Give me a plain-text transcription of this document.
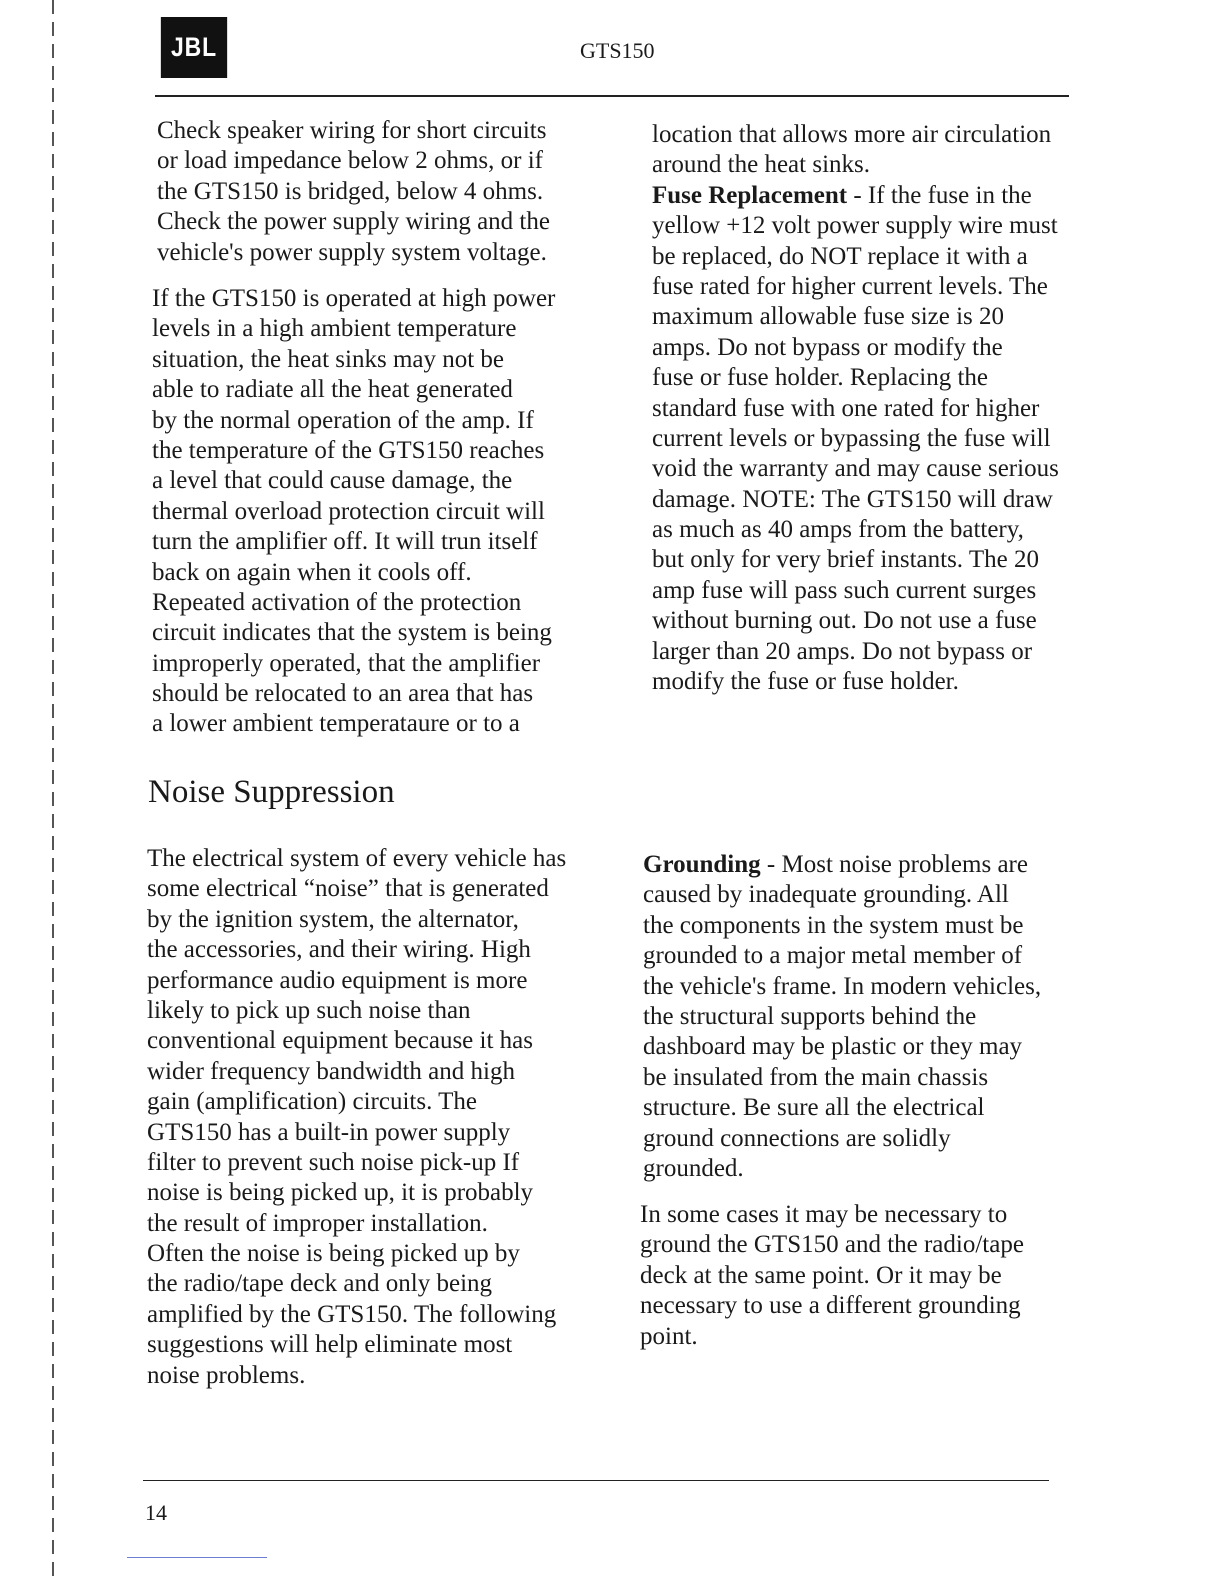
JBL	GTS150
Check speaker wiring for short circuits
or load impedance below 2 ohms, or if
the GTS150 is bridged, below 4 ohms.
Check the power supply wiring and the
vehicle's power supply system voltage.
If the GTS150 is operated at high power
levels in a high ambient temperature
situation, the heat sinks may not be
able to radiate all the heat generated
by the normal operation of the amp. If
the temperature of the GTS150 reaches
a level that could cause damage, the
thermal overload protection circuit will
turn the amplifier off. It will trun itself
back on again when it cools off.
Repeated activation of the protection
circuit indicates that the system is being
improperly operated, that the amplifier
should be relocated to an area that has
a lower ambient temperataure or to a
location that allows more air circulation
around the heat sinks.
Fuse Replacement - If the fuse in the
yellow +12 volt power supply wire must
be replaced, do NOT replace it with a
fuse rated for higher current levels. The
maximum allowable fuse size is 20
amps. Do not bypass or modify the
fuse or fuse holder. Replacing the
standard fuse with one rated for higher
current levels or bypassing the fuse will
void the warranty and may cause serious
damage. NOTE: The GTS150 will draw
as much as 40 amps from the battery,
but only for very brief instants. The 20
amp fuse will pass such current surges
without burning out. Do not use a fuse
larger than 20 amps. Do not bypass or
modify the fuse or fuse holder.
Noise Suppression
The electrical system of every vehicle has
some electrical “noise” that is generated
by the ignition system, the alternator,
the accessories, and their wiring. High
performance audio equipment is more
likely to pick up such noise than
conventional equipment because it has
wider frequency bandwidth and high
gain (amplification) circuits. The
GTS150 has a built-in power supply
filter to prevent such noise pick-up If
noise is being picked up, it is probably
the result of improper installation.
Often the noise is being picked up by
the radio/tape deck and only being
amplified by the GTS150. The following
suggestions will help eliminate most
noise problems.
Grounding - Most noise problems are
caused by inadequate grounding. All
the components in the system must be
grounded to a major metal member of
the vehicle's frame. In modern vehicles,
the structural supports behind the
dashboard may be plastic or they may
be insulated from the main chassis
structure. Be sure all the electrical
ground connections are solidly
grounded.
In some cases it may be necessary to
ground the GTS150 and the radio/tape
deck at the same point. Or it may be
necessary to use a different grounding
point.
14
